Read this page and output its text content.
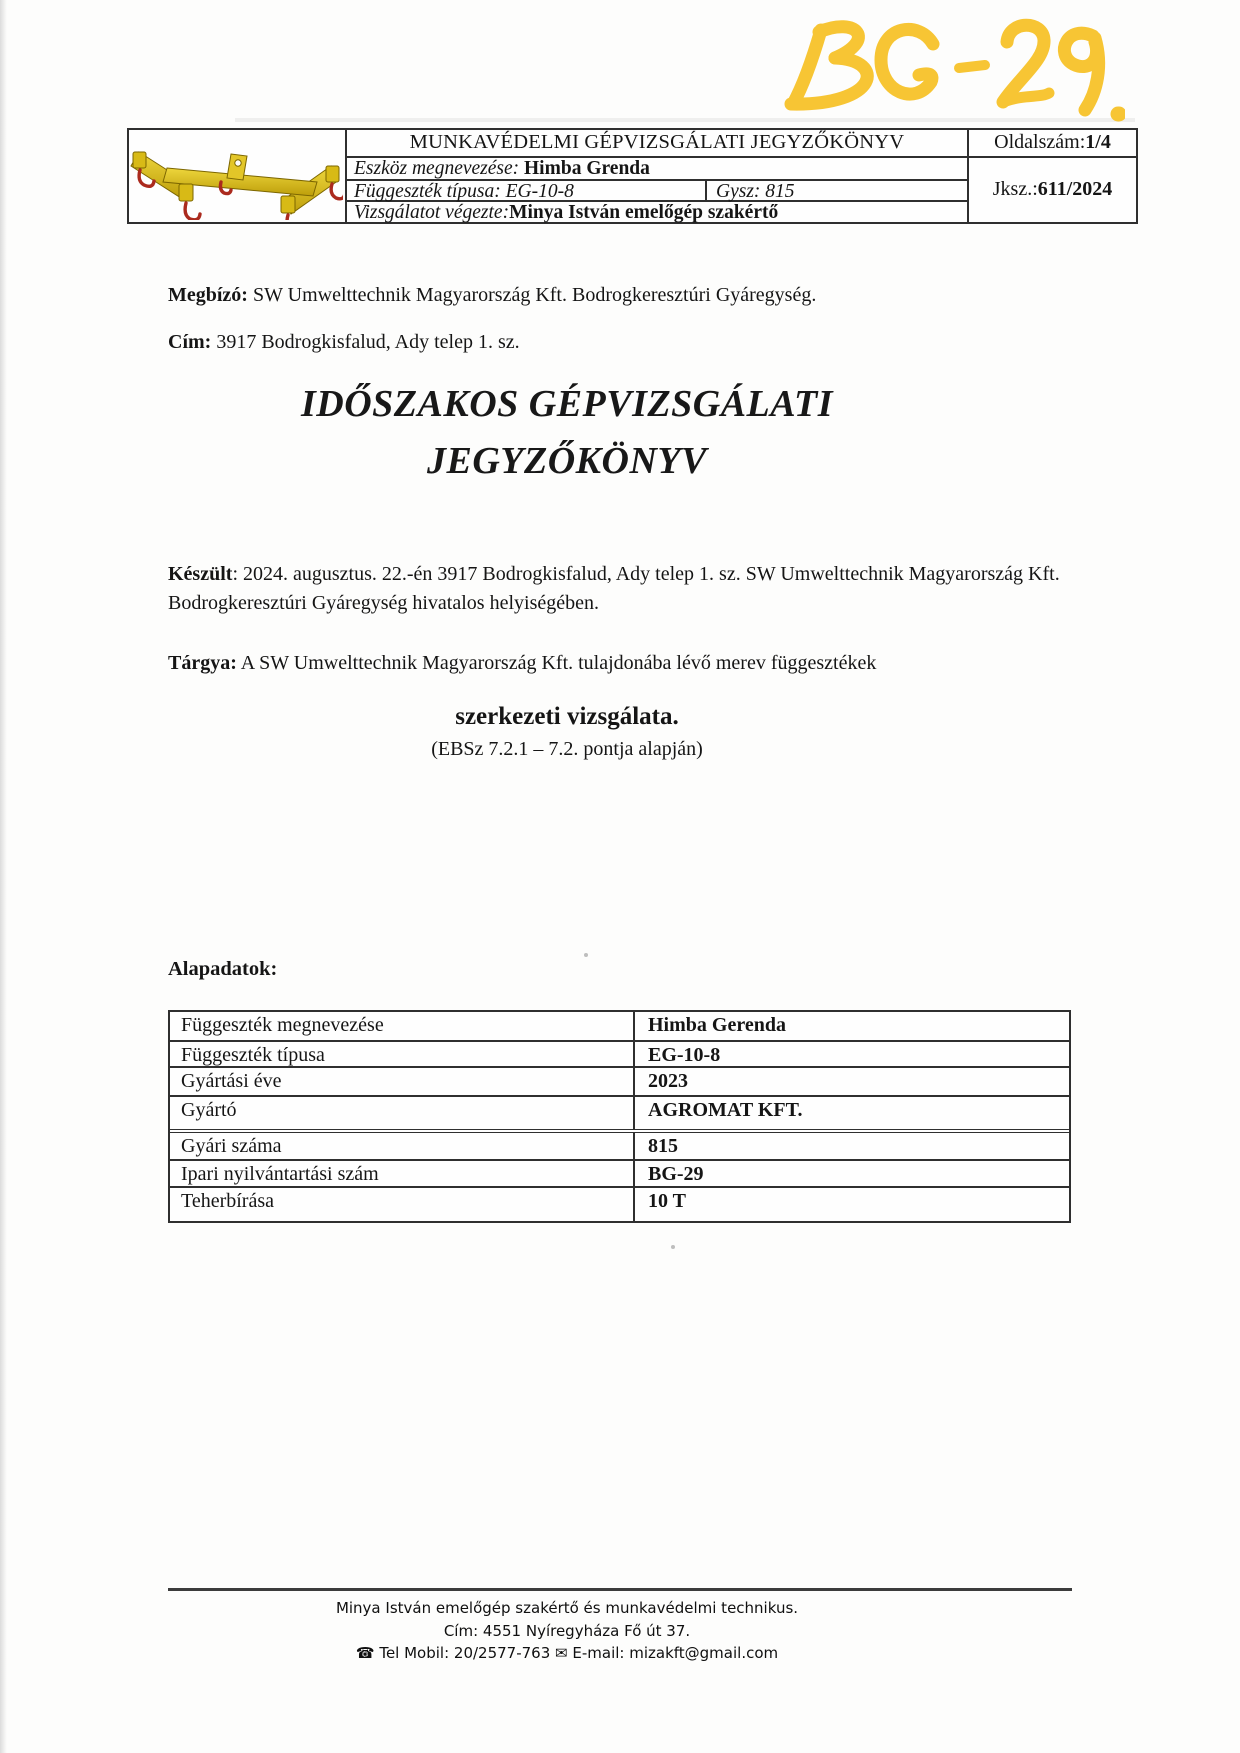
MUNKAVÉDELMI GÉPVIZSGÁLATI JEGYZŐKÖNYV
Eszköz megnevezése: Himba Grenda
Függeszték típusa: EG-10-8	Gysz: 815
Vizsgálatot végezte:Minya István emelőgép szakértő
Oldalszám:1/4
Jksz.: 611/2024
Megbízó: SW Umwelttechnik Magyarország Kft. Bodrogkeresztúri Gyáregység.
Cím: 3917 Bodrogkisfalud, Ady telep 1. sz.
IDŐSZAKOS GÉPVIZSGÁLATI
JEGYZŐKÖNYV
Készült: 2024. augusztus. 22.-én 3917 Bodrogkisfalud, Ady telep 1. sz. SW Umwelttechnik Magyarország Kft. Bodrogkeresztúri Gyáregység hivatalos helyiségében.
Tárgya: A SW Umwelttechnik Magyarország Kft. tulajdonába lévő merev függesztékek
szerkezeti vizsgálata.
(EBSz 7.2.1 – 7.2. pontja alapján)
Alapadatok:
Függeszték megnevezése	Himba Gerenda
Függeszték típusa	EG-10-8
Gyártási éve	2023
Gyártó	AGROMAT KFT.
Gyári száma	815
Ipari nyilvántartási szám	BG-29
Teherbírása	10 T
Minya István emelőgép szakértő és munkavédelmi technikus.
Cím: 4551 Nyíregyháza Fő út 37.
☎ Tel Mobil: 20/2577-763 ✉ E-mail: mizakft@gmail.com
